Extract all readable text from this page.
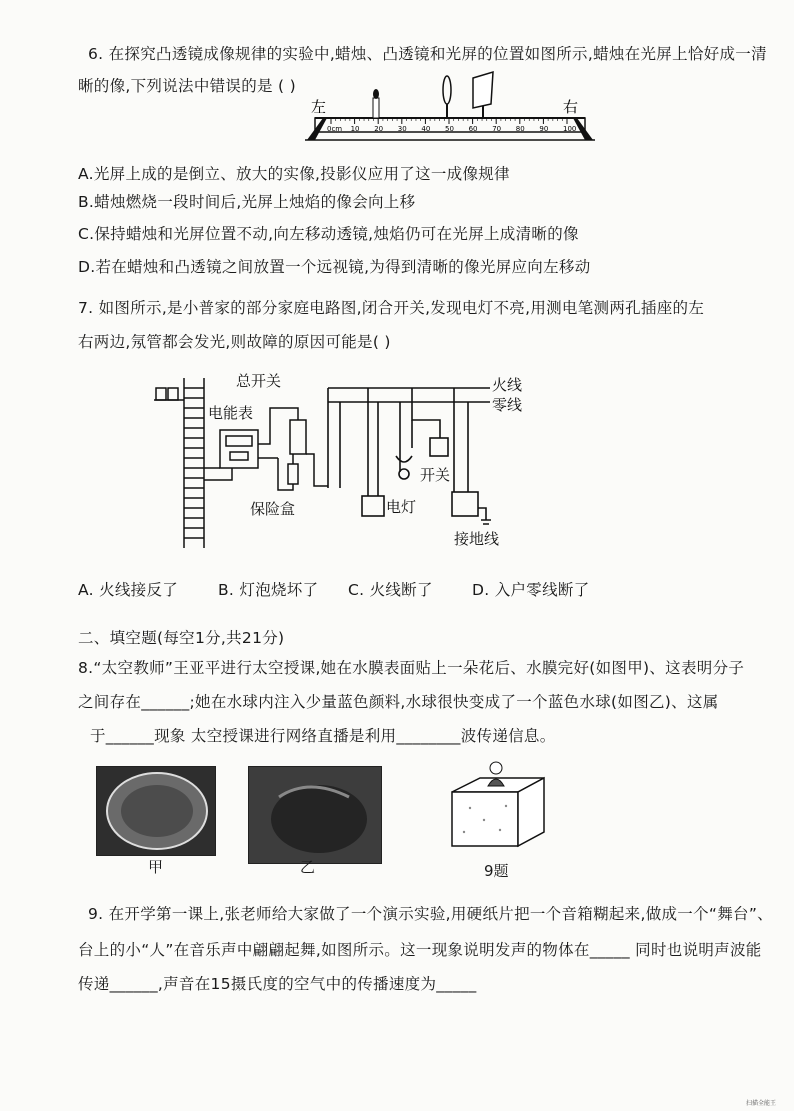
6. 在探究凸透镜成像规律的实验中,蜡烛、凸透镜和光屏的位置如图所示,蜡烛在光屏上恰好成一清
晰的像,下列说法中错误的是 ( )
左	右
0cm 10 20 30 40 50 60 70 80 90 100
A.光屏上成的是倒立、放大的实像,投影仪应用了这一成像规律
B.蜡烛燃烧一段时间后,光屏上烛焰的像会向上移
C.保持蜡烛和光屏位置不动,向左移动透镜,烛焰仍可在光屏上成清晰的像
D.若在蜡烛和凸透镜之间放置一个远视镜,为得到清晰的像光屏应向左移动
7. 如图所示,是小普家的部分家庭电路图,闭合开关,发现电灯不亮,用测电笔测两孔插座的左
右两边,氖管都会发光,则故障的原因可能是( )
总开关
电能表
保险盒
火线
零线
开关
电灯
接地线
A. 火线接反了	B. 灯泡烧坏了 C. 火线断了	D. 入户零线断了
二、填空题(每空1分,共21分)
8.“太空教师”王亚平进行太空授课,她在水膜表面贴上一朵花后、水膜完好(如图甲)、这表明分子
之间存在______;她在水球内注入少量蓝色颜料,水球很快变成了一个蓝色水球(如图乙)、这属
于______现象 太空授课进行网络直播是利用________波传递信息。
甲	乙	9题
9. 在开学第一课上,张老师给大家做了一个演示实验,用硬纸片把一个音箱糊起来,做成一个“舞台”、
台上的小“人”在音乐声中翩翩起舞,如图所示。这一现象说明发声的物体在_____ 同时也说明声波能
传递______,声音在15摄氏度的空气中的传播速度为_____
扫描全能王
